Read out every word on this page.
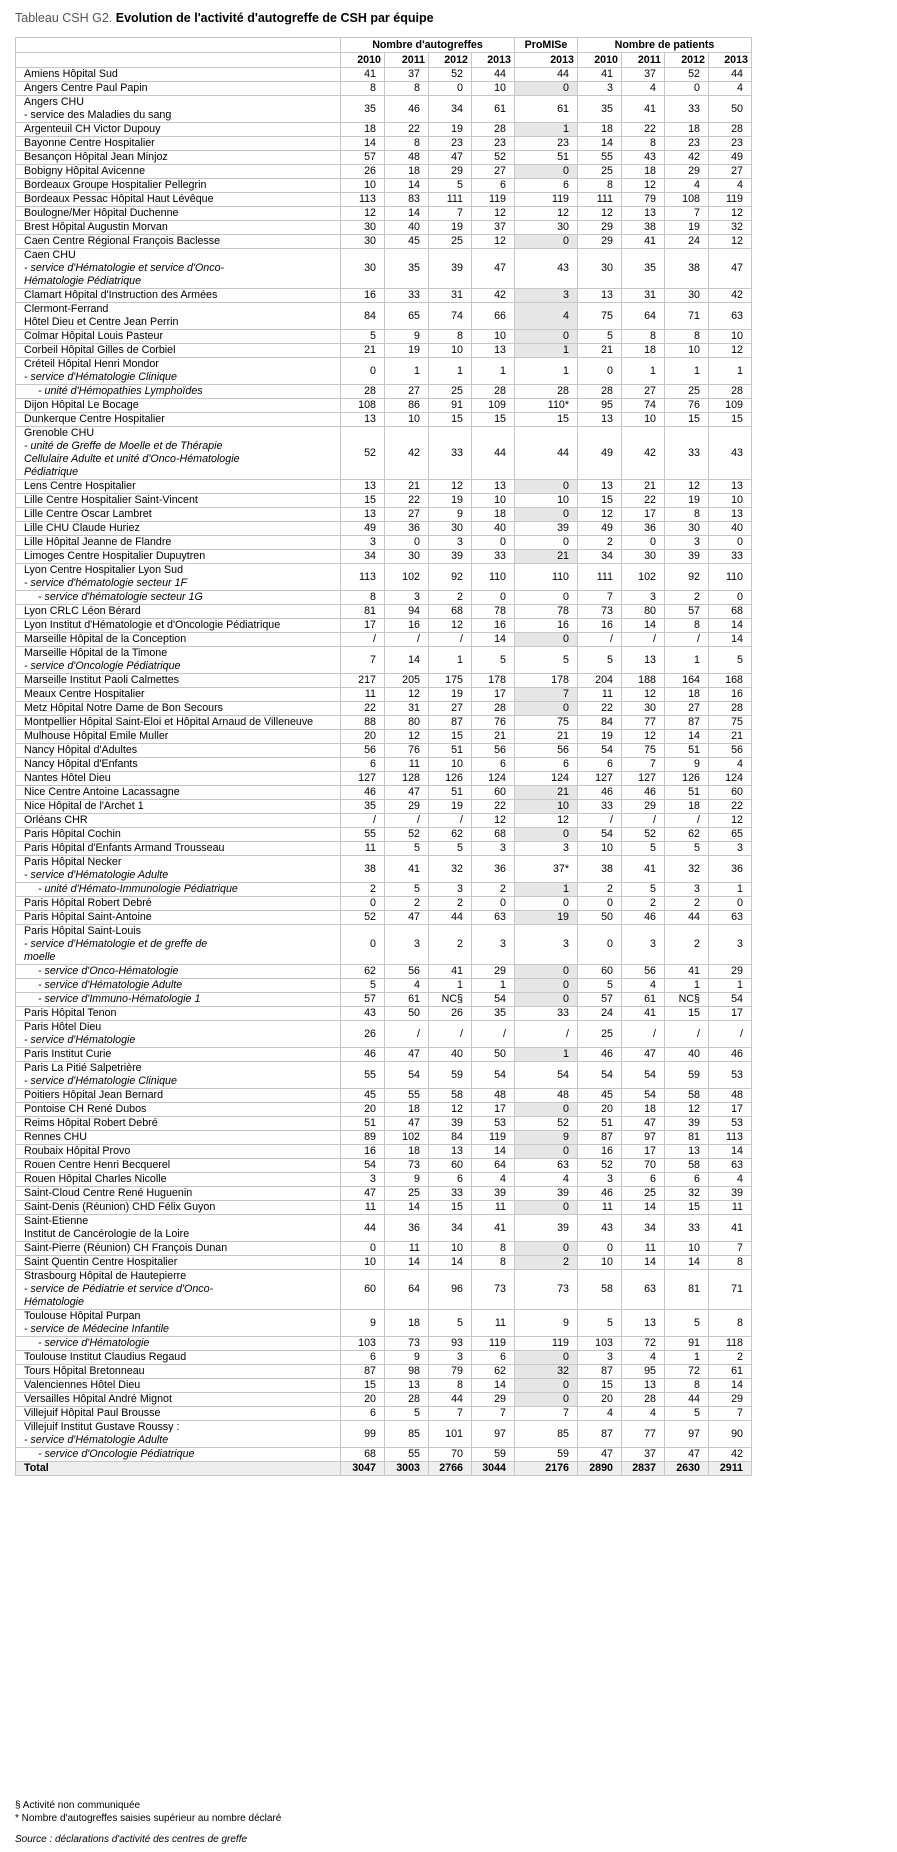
Tableau CSH G2. Evolution de l'activité d'autogreffe de CSH par équipe
	Nombre d'autogreffes				ProMISe	Nombre de patients			
	2010	2011	2012	2013	2013	2010	2011	2012	2013

Amiens Hôpital Sud	41	37	52	44	44	41	37	52	44

Angers Centre Paul Papin	8	8	0	10	0	3	4	0	4

Angers CHU
- service des Maladies du sang	35	46	34	61	61	35	41	33	50

Argenteuil CH Victor Dupouy	18	22	19	28	1	18	22	18	28

Bayonne Centre Hospitalier	14	8	23	23	23	14	8	23	23

Besançon Hôpital Jean Minjoz	57	48	47	52	51	55	43	42	49

Bobigny Hôpital Avicenne	26	18	29	27	0	25	18	29	27

Bordeaux Groupe Hospitalier Pellegrin	10	14	5	6	6	8	12	4	4

Bordeaux Pessac Hôpital Haut Lévêque	113	83	111	119	119	111	79	108	119

Boulogne/Mer Hôpital Duchenne	12	14	7	12	12	12	13	7	12

Brest Hôpital Augustin Morvan	30	40	19	37	30	29	38	19	32

Caen Centre Régional François Baclesse	30	45	25	12	0	29	41	24	12

Caen CHU
- service d'Hématologie et service d'Onco-
Hématologie Pédiatrique	30	35	39	47	43	30	35	38	47

Clamart Hôpital d'Instruction des Armées	16	33	31	42	3	13	31	30	42

Clermont-Ferrand
Hôtel Dieu et Centre Jean Perrin	84	65	74	66	4	75	64	71	63

Colmar Hôpital Louis Pasteur	5	9	8	10	0	5	8	8	10

Corbeil Hôpital Gilles de Corbiel	21	19	10	13	1	21	18	10	12

Créteil Hôpital Henri Mondor
- service d'Hématologie Clinique	0	1	1	1	1	0	1	1	1

- unité d'Hémopathies Lymphoïdes	28	27	25	28	28	28	27	25	28

Dijon Hôpital Le Bocage	108	86	91	109	110*	95	74	76	109

Dunkerque Centre Hospitalier	13	10	15	15	15	13	10	15	15

Grenoble CHU
- unité de Greffe de Moelle et de Thérapie
Cellulaire Adulte et unité d'Onco-Hématologie
Pédiatrique	52	42	33	44	44	49	42	33	43

Lens Centre Hospitalier	13	21	12	13	0	13	21	12	13

Lille Centre Hospitalier Saint-Vincent	15	22	19	10	10	15	22	19	10

Lille Centre Oscar Lambret	13	27	9	18	0	12	17	8	13

Lille CHU Claude Huriez	49	36	30	40	39	49	36	30	40

Lille Hôpital Jeanne de Flandre	3	0	3	0	0	2	0	3	0

Limoges Centre Hospitalier Dupuytren	34	30	39	33	21	34	30	39	33

Lyon Centre Hospitalier Lyon Sud
- service d'hématologie secteur 1F	113	102	92	110	110	111	102	92	110

- service d'hématologie secteur 1G	8	3	2	0	0	7	3	2	0

Lyon CRLC Léon Bérard	81	94	68	78	78	73	80	57	68

Lyon Institut d'Hématologie et d'Oncologie Pédiatrique	17	16	12	16	16	16	14	8	14

Marseille Hôpital de la Conception	/	/	/	14	0	/	/	/	14

Marseille Hôpital de la Timone
- service d'Oncologie Pédiatrique	7	14	1	5	5	5	13	1	5

Marseille Institut Paoli Calmettes	217	205	175	178	178	204	188	164	168

Meaux Centre Hospitalier	11	12	19	17	7	11	12	18	16

Metz Hôpital Notre Dame de Bon Secours	22	31	27	28	0	22	30	27	28

Montpellier Hôpital Saint-Eloi et Hôpital Arnaud de Villeneuve	88	80	87	76	75	84	77	87	75

Mulhouse Hôpital Emile Muller	20	12	15	21	21	19	12	14	21

Nancy Hôpital d'Adultes	56	76	51	56	56	54	75	51	56

Nancy Hôpital d'Enfants	6	11	10	6	6	6	7	9	4

Nantes Hôtel Dieu	127	128	126	124	124	127	127	126	124

Nice Centre Antoine Lacassagne	46	47	51	60	21	46	46	51	60

Nice Hôpital de l'Archet 1	35	29	19	22	10	33	29	18	22

Orléans CHR	/	/	/	12	12	/	/	/	12

Paris Hôpital Cochin	55	52	62	68	0	54	52	62	65

Paris Hôpital d'Enfants Armand Trousseau	11	5	5	3	3	10	5	5	3

Paris Hôpital Necker
- service d'Hématologie Adulte	38	41	32	36	37*	38	41	32	36

- unité d'Hémato-Immunologie Pédiatrique	2	5	3	2	1	2	5	3	1

Paris Hôpital Robert Debré	0	2	2	0	0	0	2	2	0

Paris Hôpital Saint-Antoine	52	47	44	63	19	50	46	44	63

Paris Hôpital Saint-Louis
- service d'Hématologie et de greffe de
moelle	0	3	2	3	3	0	3	2	3

- service d'Onco-Hématologie	62	56	41	29	0	60	56	41	29

- service d'Hématologie Adulte	5	4	1	1	0	5	4	1	1

- service d'Immuno-Hématologie 1	57	61	NC§	54	0	57	61	NC§	54

Paris Hôpital Tenon	43	50	26	35	33	24	41	15	17

Paris Hôtel Dieu
- service d'Hématologie	26	/	/	/	/	25	/	/	/

Paris Institut Curie	46	47	40	50	1	46	47	40	46

Paris La Pitié Salpetrière
- service d'Hématologie Clinique	55	54	59	54	54	54	54	59	53

Poitiers Hôpital Jean Bernard	45	55	58	48	48	45	54	58	48

Pontoise CH René Dubos	20	18	12	17	0	20	18	12	17

Reims Hôpital Robert Debré	51	47	39	53	52	51	47	39	53

Rennes CHU	89	102	84	119	9	87	97	81	113

Roubaix Hôpital Provo	16	18	13	14	0	16	17	13	14

Rouen Centre Henri Becquerel	54	73	60	64	63	52	70	58	63

Rouen Hôpital Charles Nicolle	3	9	6	4	4	3	6	6	4

Saint-Cloud Centre René Huguenin	47	25	33	39	39	46	25	32	39

Saint-Denis (Réunion) CHD Félix Guyon	11	14	15	11	0	11	14	15	11

Saint-Etienne
Institut de Cancérologie de la Loire	44	36	34	41	39	43	34	33	41

Saint-Pierre (Réunion) CH François Dunan	0	11	10	8	0	0	11	10	7

Saint Quentin Centre Hospitalier	10	14	14	8	2	10	14	14	8

Strasbourg Hôpital de Hautepierre
- service de Pédiatrie et service d'Onco-
Hématologie	60	64	96	73	73	58	63	81	71

Toulouse Hôpital Purpan
- service de Médecine Infantile	9	18	5	11	9	5	13	5	8

- service d'Hématologie	103	73	93	119	119	103	72	91	118

Toulouse Institut Claudius Regaud	6	9	3	6	0	3	4	1	2

Tours Hôpital Bretonneau	87	98	79	62	32	87	95	72	61

Valenciennes Hôtel Dieu	15	13	8	14	0	15	13	8	14

Versailles Hôpital André Mignot	20	28	44	29	0	20	28	44	29

Villejuif Hôpital Paul Brousse	6	5	7	7	7	4	4	5	7

Villejuif Institut Gustave Roussy :
- service d'Hématologie Adulte	99	85	101	97	85	87	77	97	90

- service d'Oncologie Pédiatrique	68	55	70	59	59	47	37	47	42
Total	3047	3003	2766	3044	2176	2890	2837	2630	2911
§ Activité non communiquée
* Nombre d'autogreffes saisies supérieur au nombre déclaré
Source : déclarations d'activité des centres de greffe
